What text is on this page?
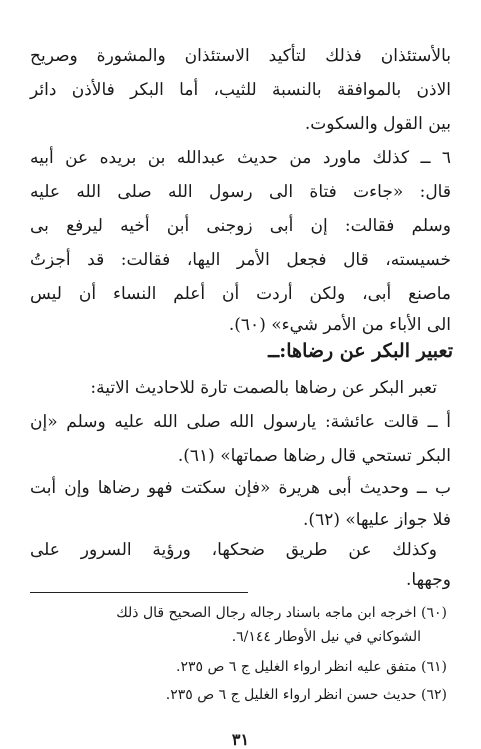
بالأستئذان فذلك لتأكيد الاستئذان والمشورة وصريح
الاذن بالموافقة بالنسبة للثيب، أما البكر فالأذن دائر
بين القول والسكوت.
٦ ــ كذلك ماورد من حديث عبدالله بن بريده عن أبيه
قال: «جاءت فتاة الى رسول الله صلى الله عليه
وسلم فقالت: إن أبى زوجنى أبن أخيه ليرفع بى
خسيسته، قال فجعل الأمر اليها، فقالت: قد أجزتُ
ماصنع أبى، ولكن أردت أن أعلم النساء أن ليس
الى الأباء من الأمر شيء» (٦٠).
تعبير البكر عن رضاها:ــ
تعبر البكر عن رضاها بالصمت تارة للاحاديث الاتية:
أ ــ قالت عائشة: يارسول الله صلى الله عليه وسلم «إن
البكر تستحي قال رضاها صماتها» (٦١).
ب ــ وحديث أبى هريرة «فإن سكتت فهو رضاها وإن أبت
فلا جواز عليها» (٦٢).
وكذلك عن طريق ضحكها، ورؤية السرور على
وجهها.
(٦٠) اخرجه ابن ماجه باسناد رجاله رجال الصحيح قال ذلك
الشوكاني في نيل الأوطار ٦/١٤٤.
(٦١) متفق عليه انظر ارواء الغليل ج ٦ ص ٢٣٥.
(٦٢) حديث حسن انظر ارواء الغليل ج ٦ ص ٢٣٥.
٣١
